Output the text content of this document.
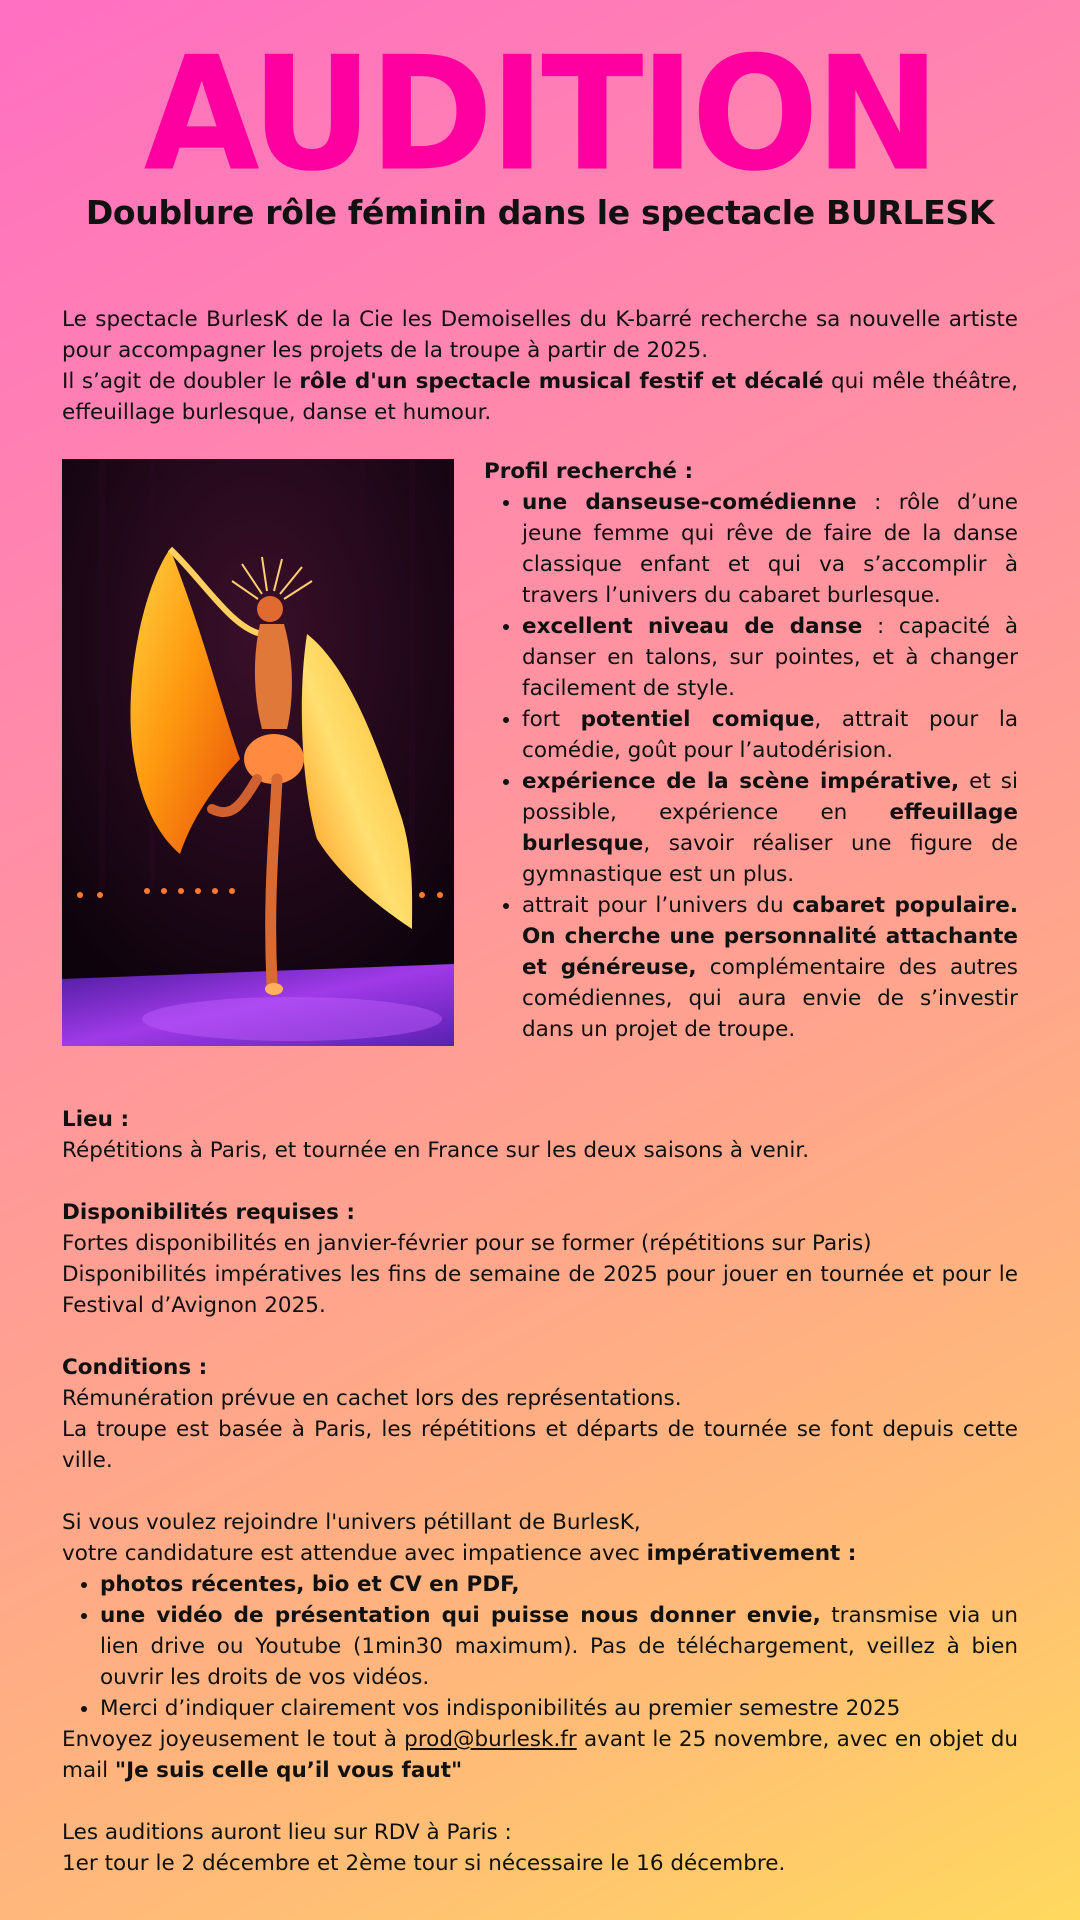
AUDITION
Doublure rôle féminin dans le spectacle BURLESK

Le spectacle BurlesK de la Cie les Demoiselles du K-barré recherche sa nouvelle artiste pour accompagner les projets de la troupe à partir de 2025.

Il s’agit de doubler le rôle d'un spectacle musical festif et décalé qui mêle théâtre, effeuillage burlesque, danse et humour.

Profil recherché :

• une danseuse-comédienne : rôle d’une jeune femme qui rêve de faire de la danse classique enfant et qui va s’accomplir à travers l’univers du cabaret burlesque.
• excellent niveau de danse : capacité à danser en talons, sur pointes, et à changer facilement de style.
• fort potentiel comique, attrait pour la comédie, goût pour l’autodérision.
• expérience de la scène impérative, et si possible, expérience en effeuillage burlesque, savoir réaliser une figure de gymnastique est un plus.
• attrait pour l’univers du cabaret populaire. On cherche une personnalité attachante et généreuse, complémentaire des autres comédiennes, qui aura envie de s’investir dans un projet de troupe.

Lieu :

Répétitions à Paris, et tournée en France sur les deux saisons à venir.

Disponibilités requises :

Fortes disponibilités en janvier-février pour se former (répétitions sur Paris)

Disponibilités impératives les fins de semaine de 2025 pour jouer en tournée et pour le Festival d’Avignon 2025.

Conditions :

Rémunération prévue en cachet lors des représentations.

La troupe est basée à Paris, les répétitions et départs de tournée se font depuis cette ville.

Si vous voulez rejoindre l'univers pétillant de BurlesK,

votre candidature est attendue avec impatience avec impérativement :

• photos récentes, bio et CV en PDF,
• une vidéo de présentation qui puisse nous donner envie, transmise via un lien drive ou Youtube (1min30 maximum). Pas de téléchargement, veillez à bien ouvrir les droits de vos vidéos.
• Merci d’indiquer clairement vos indisponibilités au premier semestre 2025

Envoyez joyeusement le tout à prod@burlesk.fr avant le 25 novembre, avec en objet du mail "Je suis celle qu’il vous faut"

Les auditions auront lieu sur RDV à Paris :

1er tour le 2 décembre et 2ème tour si nécessaire le 16 décembre.
